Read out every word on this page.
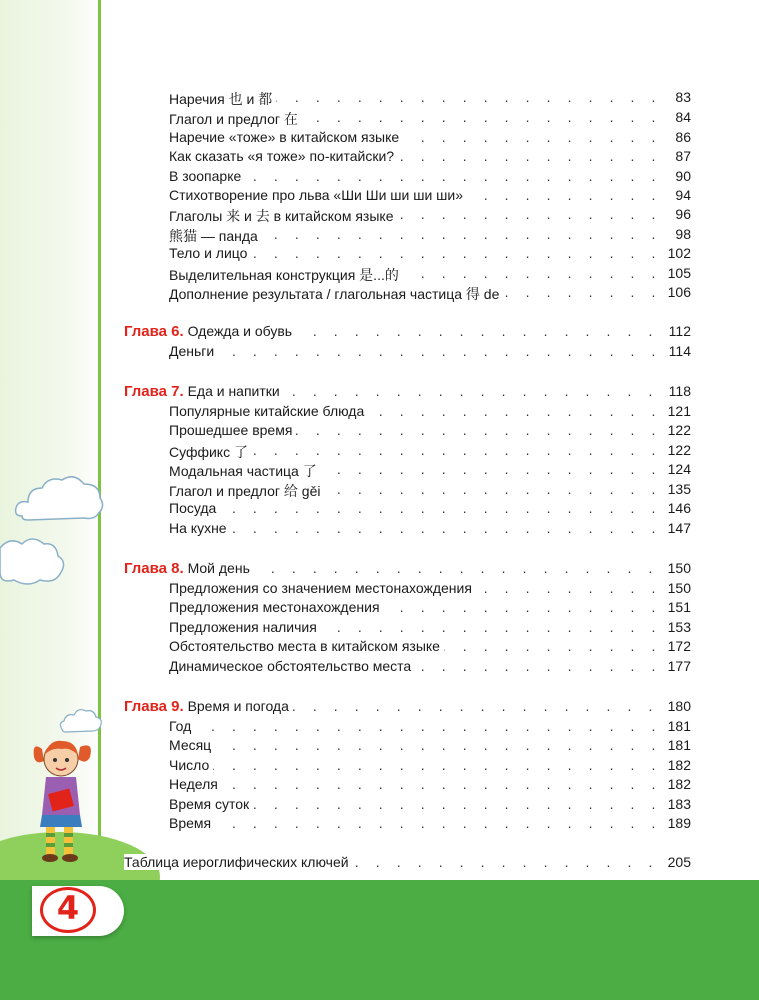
4
. . .
Наречия 也 и 都	83
. . .
Глагол и предлог 在	84
. . .
Наречие «тоже» в китайском языке	86
. . .
Как сказать «я тоже» по-китайски?	87
. . .
В зоопарке	90
. . .
Стихотворение про льва «Ши Ши ши ши ши»	94
. . .
Глаголы 来 и 去 в китайском языке	96
. . .
熊猫 — панда	98
. . .
Тело и лицо	102
. . .
Выделительная конструкция 是...的	105
. . .
Дополнение результата / глагольная частица 得 de	106
. . .
Глава 6. Одежда и обувь	112
. . .
Деньги	114
. . .
Глава 7. Еда и напитки	118
. . .
Популярные китайские блюда	121
. . .
Прошедшее время	122
. . .
Суффикс 了	122
. . .
Модальная частица 了	124
. . .
Глагол и предлог 给 gěi	135
. . .
Посуда	146
. . .
На кухне	147
. . .
Глава 8. Мой день	150
. . .
Предложения со значением местонахождения	150
. . .
Предложения местонахождения	151
. . .
Предложения наличия	153
. . .
Обстоятельство места в китайском языке	172
. . .
Динамическое обстоятельство места	177
. . .
Глава 9. Время и погода	180
. . .
Год	181
. . .
Месяц	181
. . .
Число	182
. . .
Неделя	182
. . .
Время суток	183
. . .
Время	189
. . .
Таблица иероглифических ключей	205
